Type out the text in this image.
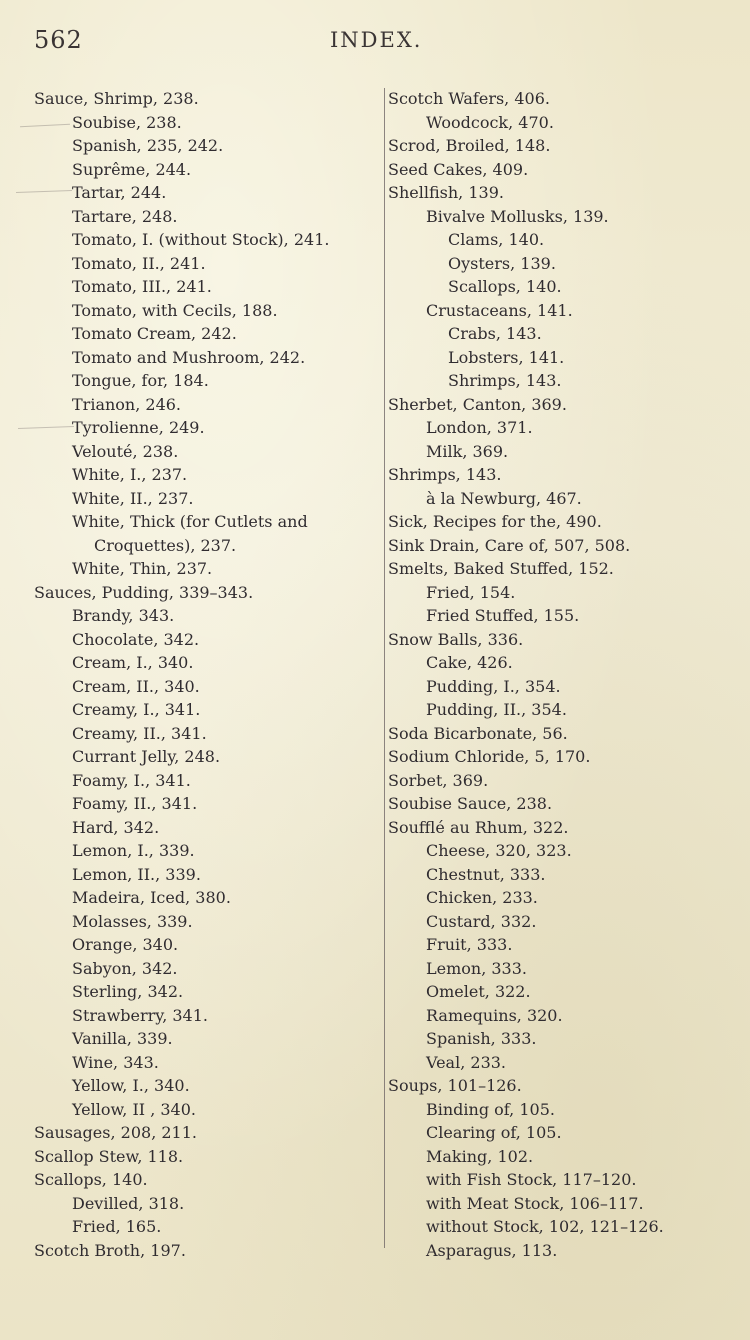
562	INDEX.
Sauce, Shrimp, 238.
Soubise, 238.
Spanish, 235, 242.
Suprême, 244.
Tartar, 244.
Tartare, 248.
Tomato, I. (without Stock), 241.
Tomato, II., 241.
Tomato, III., 241.
Tomato, with Cecils, 188.
Tomato Cream, 242.
Tomato and Mushroom, 242.
Tongue, for, 184.
Trianon, 246.
Tyrolienne, 249.
Velouté, 238.
White, I., 237.
White, II., 237.
White, Thick (for Cutlets and Croquettes), 237.
White, Thin, 237.
Sauces, Pudding, 339–343.
Brandy, 343.
Chocolate, 342.
Cream, I., 340.
Cream, II., 340.
Creamy, I., 341.
Creamy, II., 341.
Currant Jelly, 248.
Foamy, I., 341.
Foamy, II., 341.
Hard, 342.
Lemon, I., 339.
Lemon, II., 339.
Madeira, Iced, 380.
Molasses, 339.
Orange, 340.
Sabyon, 342.
Sterling, 342.
Strawberry, 341.
Vanilla, 339.
Wine, 343.
Yellow, I., 340.
Yellow, II , 340.
Sausages, 208, 211.
Scallop Stew, 118.
Scallops, 140.
Devilled, 318.
Fried, 165.
Scotch Broth, 197.
Scotch Wafers, 406.
Woodcock, 470.
Scrod, Broiled, 148.
Seed Cakes, 409.
Shellfish, 139.
Bivalve Mollusks, 139.
Clams, 140.
Oysters, 139.
Scallops, 140.
Crustaceans, 141.
Crabs, 143.
Lobsters, 141.
Shrimps, 143.
Sherbet, Canton, 369.
London, 371.
Milk, 369.
Shrimps, 143.
à la Newburg, 467.
Sick, Recipes for the, 490.
Sink Drain, Care of, 507, 508.
Smelts, Baked Stuffed, 152.
Fried, 154.
Fried Stuffed, 155.
Snow Balls, 336.
Cake, 426.
Pudding, I., 354.
Pudding, II., 354.
Soda Bicarbonate, 56.
Sodium Chloride, 5, 170.
Sorbet, 369.
Soubise Sauce, 238.
Soufflé au Rhum, 322.
Cheese, 320, 323.
Chestnut, 333.
Chicken, 233.
Custard, 332.
Fruit, 333.
Lemon, 333.
Omelet, 322.
Ramequins, 320.
Spanish, 333.
Veal, 233.
Soups, 101–126.
Binding of, 105.
Clearing of, 105.
Making, 102.
with Fish Stock, 117–120.
with Meat Stock, 106–117.
without Stock, 102, 121–126.
Asparagus, 113.
